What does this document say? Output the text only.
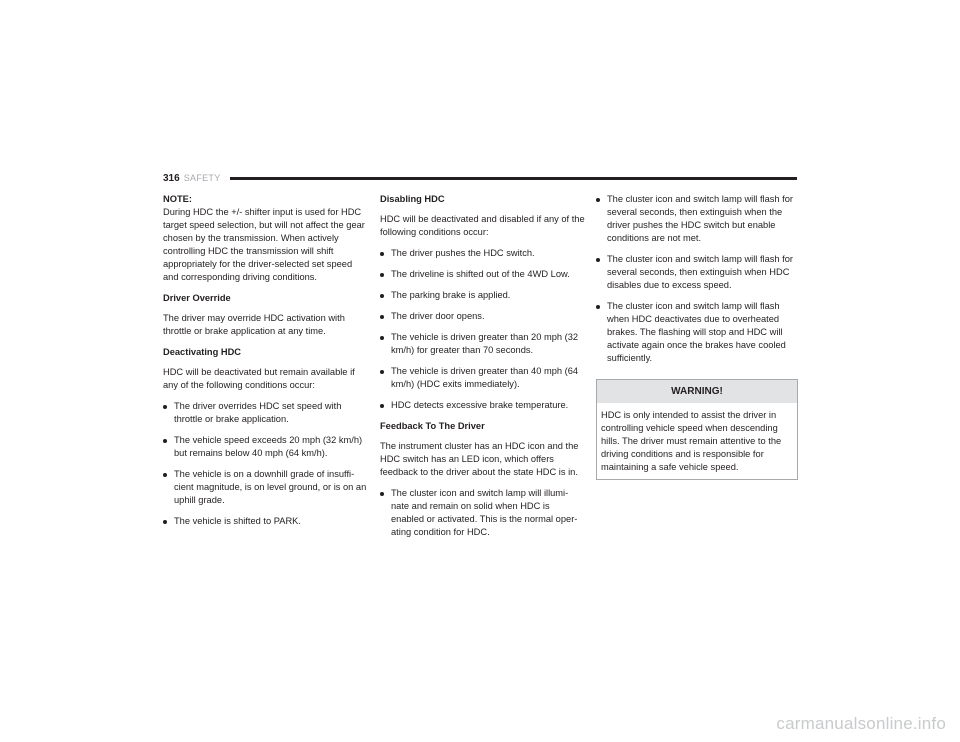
316 SAFETY
NOTE:

During HDC the +/- shifter input is used for HDC target speed selection, but will not affect the gear chosen by the transmission. When actively controlling HDC the transmission will shift appropriately for the driver-selected set speed and corresponding driving conditions.

Driver Override

The driver may override HDC activation with throttle or brake application at any time.

Deactivating HDC

HDC will be deactivated but remain available if any of the following conditions occur:

The driver overrides HDC set speed with throttle or brake application.
The vehicle speed exceeds 20 mph (32 km/h) but remains below 40 mph (64 km/h).
The vehicle is on a downhill grade of insuffi-cient magnitude, is on level ground, or is on an uphill grade.
The vehicle is shifted to PARK.
Disabling HDC

HDC will be deactivated and disabled if any of the following conditions occur:

The driver pushes the HDC switch.
The driveline is shifted out of the 4WD Low.
The parking brake is applied.
The driver door opens.
The vehicle is driven greater than 20 mph (32 km/h) for greater than 70 seconds.
The vehicle is driven greater than 40 mph (64 km/h) (HDC exits immediately).
HDC detects excessive brake temperature.
Feedback To The Driver

The instrument cluster has an HDC icon and the HDC switch has an LED icon, which offers feedback to the driver about the state HDC is in.

The cluster icon and switch lamp will illumi-nate and remain on solid when HDC is enabled or activated. This is the normal oper-ating condition for HDC.
The cluster icon and switch lamp will flash for several seconds, then extinguish when the driver pushes the HDC switch but enable conditions are not met.
The cluster icon and switch lamp will flash for several seconds, then extinguish when HDC disables due to excess speed.
The cluster icon and switch lamp will flash when HDC deactivates due to overheated brakes. The flashing will stop and HDC will activate again once the brakes have cooled sufficiently.
WARNING!
HDC is only intended to assist the driver in controlling vehicle speed when descending hills. The driver must remain attentive to the driving conditions and is responsible for maintaining a safe vehicle speed.
carmanualsonline.info
